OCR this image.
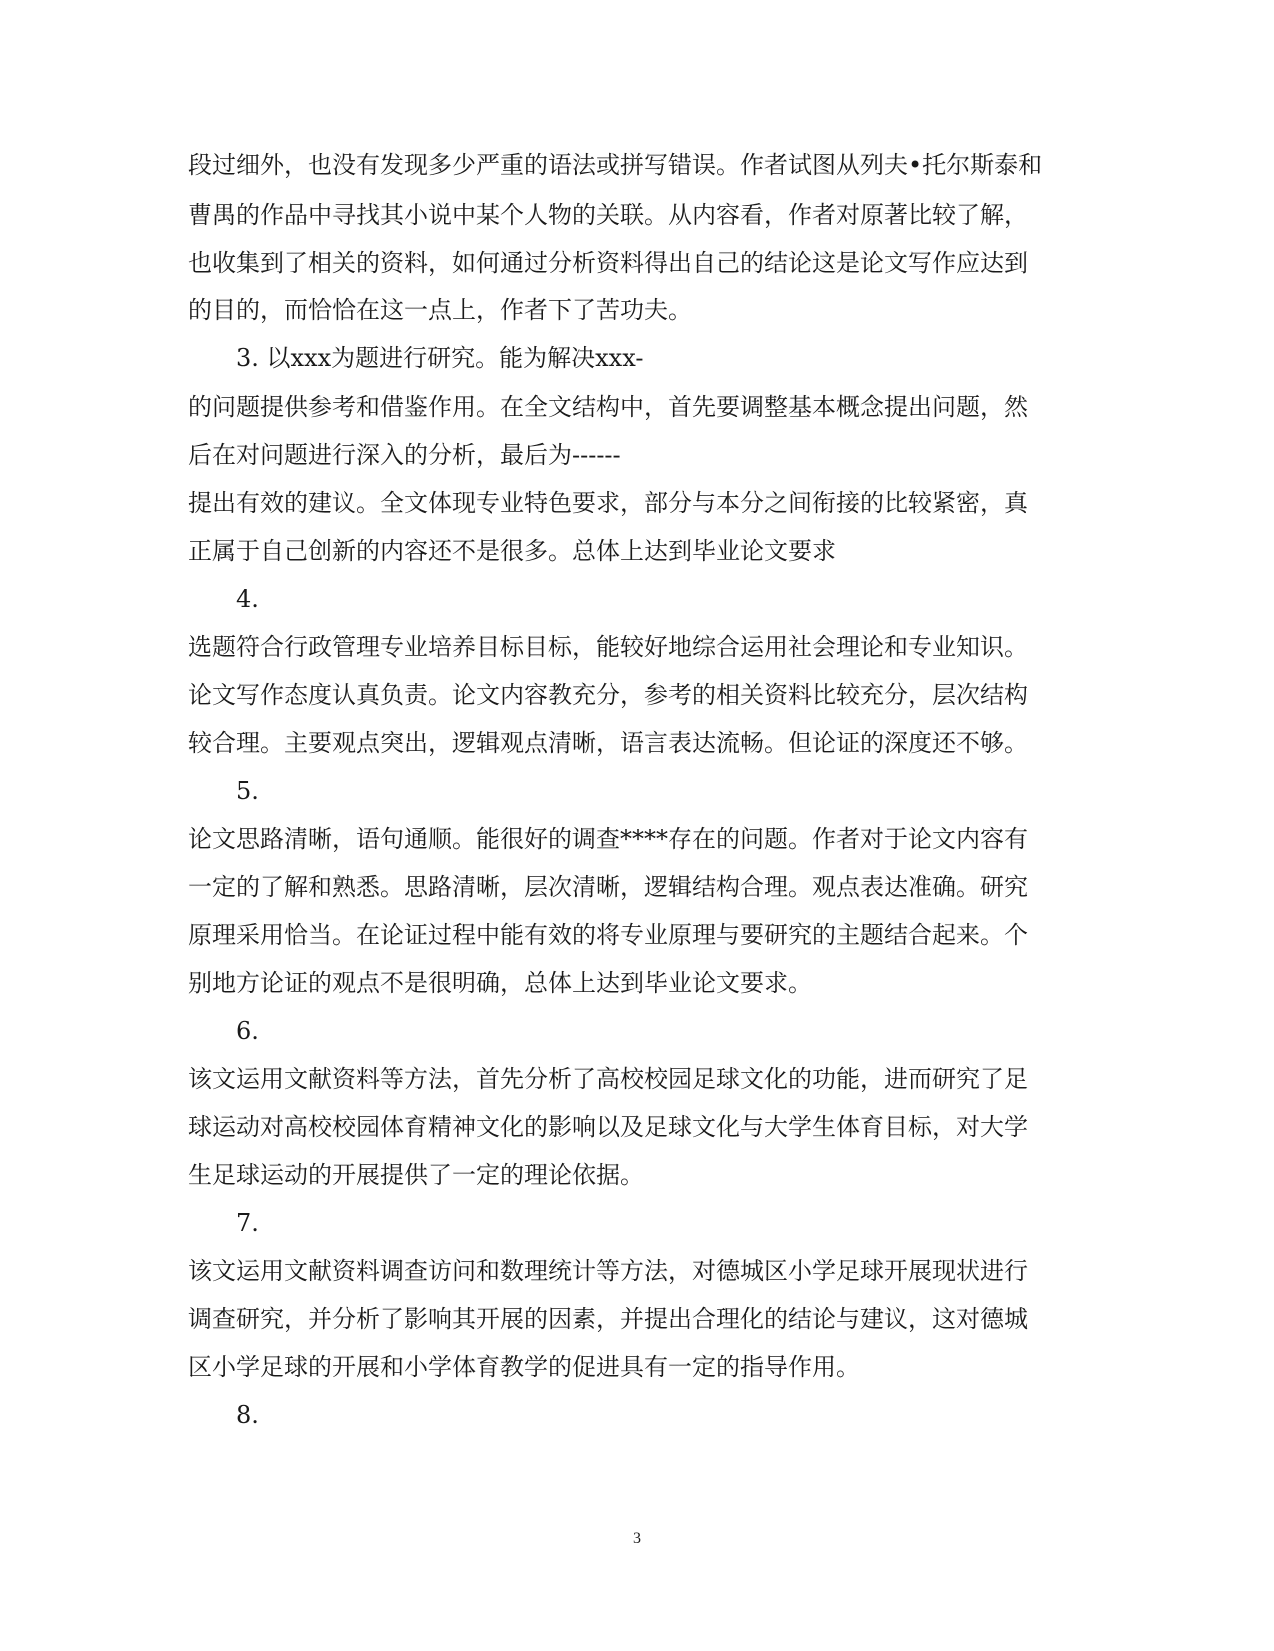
段过细外，也没有发现多少严重的语法或拼写错误。作者试图从列夫•托尔斯泰和
曹禺的作品中寻找其小说中某个人物的关联。从内容看，作者对原著比较了解，
也收集到了相关的资料，如何通过分析资料得出自己的结论这是论文写作应达到
的目的，而恰恰在这一点上，作者下了苦功夫。
3. 以xxx为题进行研究。能为解决xxx-
的问题提供参考和借鉴作用。在全文结构中，首先要调整基本概念提出问题，然
后在对问题进行深入的分析，最后为------
提出有效的建议。全文体现专业特色要求，部分与本分之间衔接的比较紧密，真
正属于自己创新的内容还不是很多。总体上达到毕业论文要求
4.
选题符合行政管理专业培养目标目标，能较好地综合运用社会理论和专业知识。
论文写作态度认真负责。论文内容教充分，参考的相关资料比较充分，层次结构
较合理。主要观点突出，逻辑观点清晰，语言表达流畅。但论证的深度还不够。
5.
论文思路清晰，语句通顺。能很好的调查****存在的问题。作者对于论文内容有
一定的了解和熟悉。思路清晰，层次清晰，逻辑结构合理。观点表达准确。研究
原理采用恰当。在论证过程中能有效的将专业原理与要研究的主题结合起来。个
别地方论证的观点不是很明确，总体上达到毕业论文要求。
6.
该文运用文献资料等方法，首先分析了高校校园足球文化的功能，进而研究了足
球运动对高校校园体育精神文化的影响以及足球文化与大学生体育目标，对大学
生足球运动的开展提供了一定的理论依据。
7.
该文运用文献资料调查访问和数理统计等方法，对德城区小学足球开展现状进行
调查研究，并分析了影响其开展的因素，并提出合理化的结论与建议，这对德城
区小学足球的开展和小学体育教学的促进具有一定的指导作用。
8.
3
